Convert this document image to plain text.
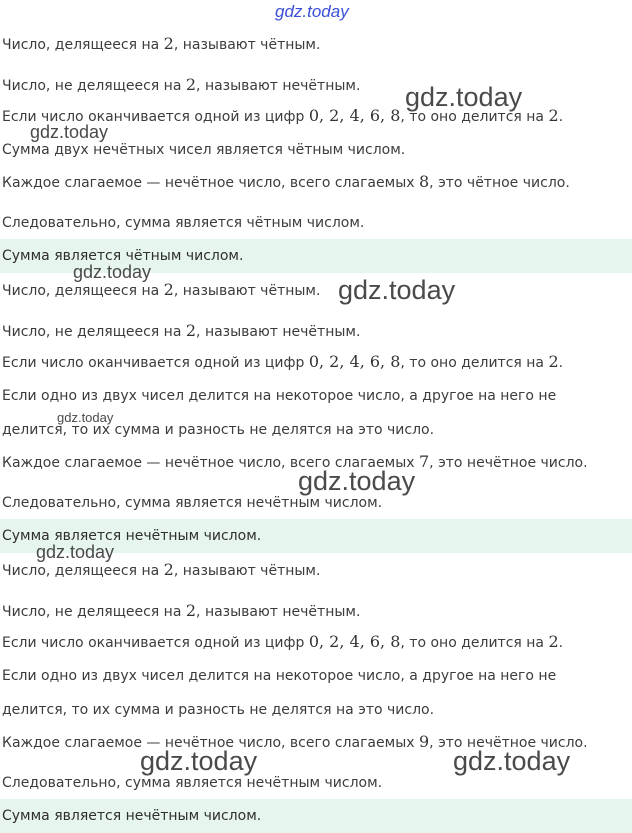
gdz.today
Число, делящееся на 2, называют чётным.
Число, не делящееся на 2, называют нечётным.
Если число оканчивается одной из цифр 0, 2, 4, 6, 8, то оно делится на 2.
Сумма двух нечётных чисел является чётным числом.
Каждое слагаемое — нечётное число, всего слагаемых 8, это чётное число.
Следовательно, сумма является чётным числом.
Сумма является чётным числом.
Число, делящееся на 2, называют чётным.
Число, не делящееся на 2, называют нечётным.
Если число оканчивается одной из цифр 0, 2, 4, 6, 8, то оно делится на 2.
Если одно из двух чисел делится на некоторое число, а другое на него не
делится, то их сумма и разность не делятся на это число.
Каждое слагаемое — нечётное число, всего слагаемых 7, это нечётное число.
Следовательно, сумма является нечётным числом.
Сумма является нечётным числом.
Число, делящееся на 2, называют чётным.
Число, не делящееся на 2, называют нечётным.
Если число оканчивается одной из цифр 0, 2, 4, 6, 8, то оно делится на 2.
Если одно из двух чисел делится на некоторое число, а другое на него не
делится, то их сумма и разность не делятся на это число.
Каждое слагаемое — нечётное число, всего слагаемых 9, это нечётное число.
Следовательно, сумма является нечётным числом.
Сумма является нечётным числом.
gdz.today
gdz.today
gdz.today
gdz.today
gdz.today
gdz.today
gdz.today
gdz.today	gdz.today
